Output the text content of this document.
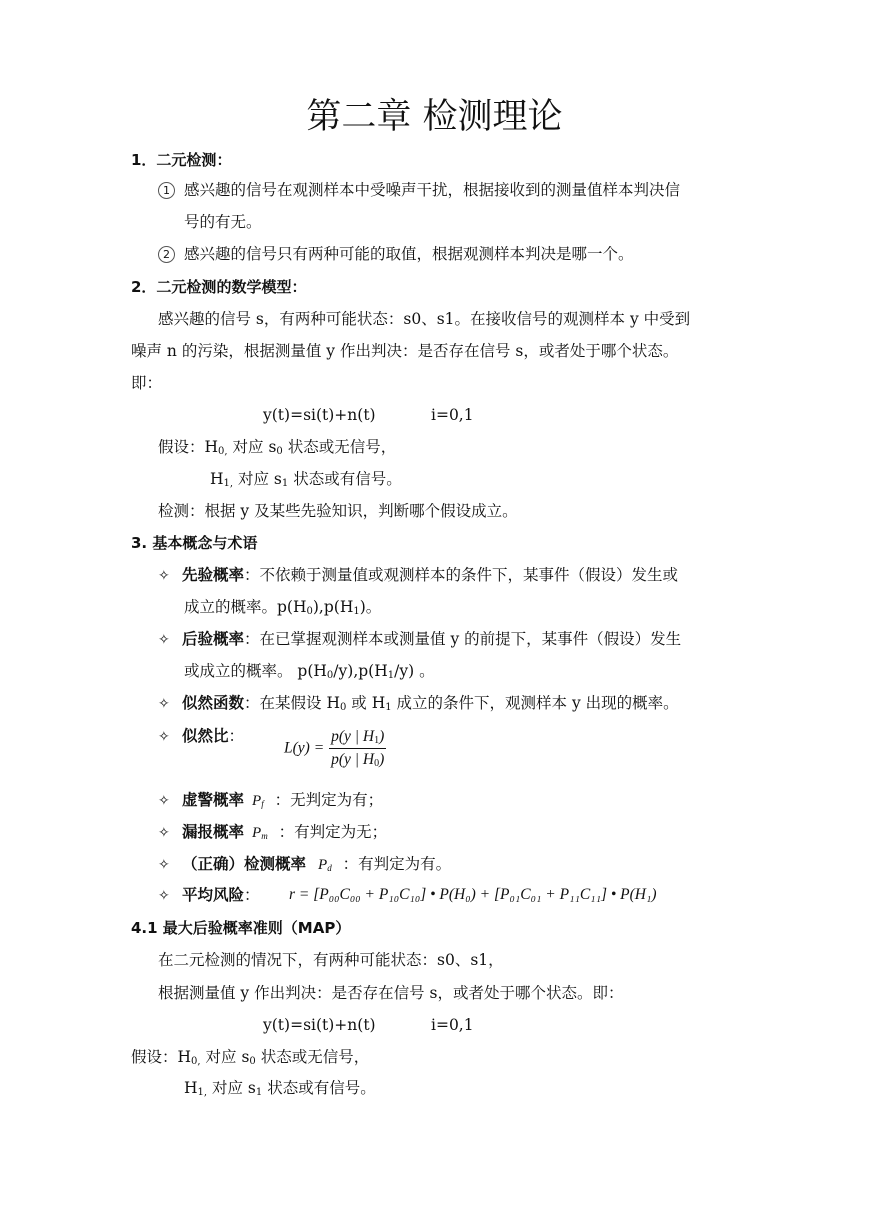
第二章 检测理论
1．二元检测：
1 感兴趣的信号在观测样本中受噪声干扰，根据接收到的测量值样本判决信
号的有无。
2 感兴趣的信号只有两种可能的取值，根据观测样本判决是哪一个。
2．二元检测的数学模型：
感兴趣的信号 s，有两种可能状态：s0、s1。在接收信号的观测样本 y 中受到
噪声 n 的污染，根据测量值 y 作出判决：是否存在信号 s，或者处于哪个状态。
即：
y(t)=si(t)+n(t)	i=0,1
假设：$H_{0,}$ 对应 $s_0$ 状态或无信号，
$H_{1,}$ 对应 $s_1$ 状态或有信号。
检测：根据 y 及某些先验知识，判断哪个假设成立。
3. 基本概念与术语
✧ 先验概率：不依赖于测量值或观测样本的条件下，某事件（假设）发生或
成立的概率。$p(H_0),p(H_1)$。
✧ 后验概率：在已掌握观测样本或测量值 y 的前提下，某事件（假设）发生
或成立的概率。 $p(H_0/y),p(H_1/y)$ 。
✧ 似然函数：在某假设 $H_0$ 或 $H_1$ 成立的条件下，观测样本 y 出现的概率。
✧ 似然比：
$L(y) = \frac{p(y | H_1)}{p(y | H_0)}$
✧ 虚警概率 $P_f$ ：无判定为有；
✧ 漏报概率 $P_m$ ：有判定为无；
✧ （正确）检测概率 $P_d$ ：有判定为有。
✧ 平均风险： r = [P₀₀C₀₀ + P₁₀C₁₀] • P(H₀) + [P₀₁C₀₁ + P₁₁C₁₁] • P(H₁)
4.1 最大后验概率准则（MAP）
在二元检测的情况下，有两种可能状态：s0、s1，
根据测量值 y 作出判决：是否存在信号 s，或者处于哪个状态。即：
y(t)=si(t)+n(t)	i=0,1
假设：$H_{0,}$ 对应 $s_0$ 状态或无信号，
$H_{1,}$ 对应 $s_1$ 状态或有信号。
